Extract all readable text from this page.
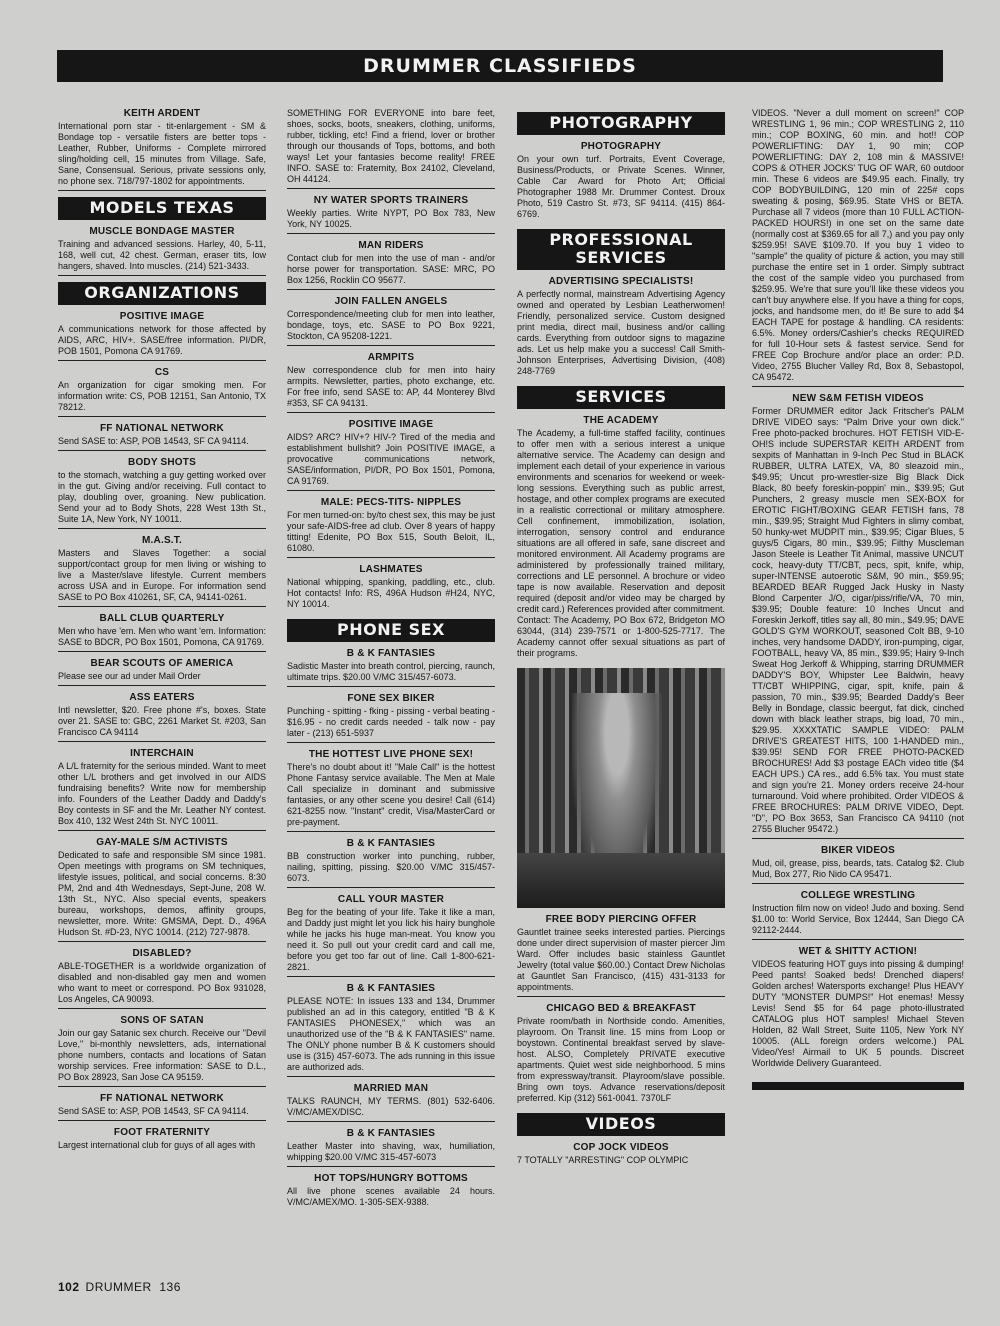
DRUMMER CLASSIFIEDS
KEITH ARDENT

International porn star - tit-enlargement - SM & Bondage top - versatile fisters are better tops - Leather, Rubber, Uniforms - Complete mirrored sling/holding cell, 15 minutes from Village. Safe, Sane, Consensual. Serious, private sessions only, no phone sex. 718/797-1802 for appointments.

MODELS TEXAS
MUSCLE BONDAGE MASTER

Training and advanced sessions. Harley, 40, 5-11, 168, well cut, 42 chest. German, eraser tits, low hangers, shaved. Into muscles. (214) 521-3433.

ORGANIZATIONS
POSITIVE IMAGE

A communications network for those affected by AIDS, ARC, HIV+. SASE/free information. PI/DR, POB 1501, Pomona CA 91769.

CS

An organization for cigar smoking men. For information write: CS, POB 12151, San Antonio, TX 78212.

FF NATIONAL NETWORK

Send SASE to: ASP, POB 14543, SF CA 94114.

BODY SHOTS

to the stomach, watching a guy getting worked over in the gut. Giving and/or receiving. Full contact to play, doubling over, groaning. New publication. Send your ad to Body Shots, 228 West 13th St., Suite 1A, New York, NY 10011.

M.A.S.T.

Masters and Slaves Together: a social support/contact group for men living or wishing to live a Master/slave lifestyle. Current members across USA and in Europe. For information send SASE to PO Box 410261, SF, CA, 94141-0261.

BALL CLUB QUARTERLY

Men who have 'em. Men who want 'em. Information: SASE to BDCR, PO Box 1501, Pomona, CA 91769.

BEAR SCOUTS OF AMERICA

Please see our ad under Mail Order

ASS EATERS

Intl newsletter, $20. Free phone #'s, boxes. State over 21. SASE to: GBC, 2261 Market St. #203, San Francisco CA 94114

INTERCHAIN

A L/L fraternity for the serious minded. Want to meet other L/L brothers and get involved in our AIDS fundraising benefits? Write now for membership info. Founders of the Leather Daddy and Daddy's Boy contests in SF and the Mr. Leather NY contest. Box 410, 132 West 24th St. NYC 10011.

GAY-MALE S/M ACTIVISTS

Dedicated to safe and responsible SM since 1981. Open meetings with programs on SM techniques, lifestyle issues, political, and social concerns. 8:30 PM, 2nd and 4th Wednesdays, Sept-June, 208 W. 13th St., NYC. Also special events, speakers bureau, workshops, demos, affinity groups, newsletter, more. Write: GMSMA, Dept. D., 496A Hudson St. #D-23, NYC 10014. (212) 727-9878.

DISABLED?

ABLE-TOGETHER is a worldwide organization of disabled and non-disabled gay men and women who want to meet or correspond. PO Box 931028, Los Angeles, CA 90093.

SONS OF SATAN

Join our gay Satanic sex church. Receive our "Devil Love," bi-monthly newsletters, ads, international phone numbers, contacts and locations of Satan worship services. Free information: SASE to D.L., PO Box 28923, San Jose CA 95159.

FF NATIONAL NETWORK

Send SASE to: ASP, POB 14543, SF CA 94114.

FOOT FRATERNITY

Largest international club for guys of all ages with

SOMETHING FOR EVERYONE into bare feet, shoes, socks, boots, sneakers, clothing, uniforms, rubber, tickling, etc! Find a friend, lover or brother through our thousands of Tops, bottoms, and both ways! Let your fantasies become reality! FREE INFO. SASE to: Fraternity, Box 24102, Cleveland, OH 44124.

NY WATER SPORTS TRAINERS

Weekly parties. Write NYPT, PO Box 783, New York, NY 10025.

MAN RIDERS

Contact club for men into the use of man - and/or horse power for transportation. SASE: MRC, PO Box 1256, Rocklin CO 95677.

JOIN FALLEN ANGELS

Correspondence/meeting club for men into leather, bondage, toys, etc. SASE to PO Box 9221, Stockton, CA 95208-1221.

ARMPITS

New correspondence club for men into hairy armpits. Newsletter, parties, photo exchange, etc. For free info, send SASE to: AP, 44 Monterey Blvd #353, SF CA 94131.

POSITIVE IMAGE

AIDS? ARC? HIV+? HIV-? Tired of the media and establishment bullshit? Join POSITIVE IMAGE, a provocative communications network, SASE/information, PI/DR, PO Box 1501, Pomona, CA 91769.

MALE: PECS-TITS- NIPPLES

For men turned-on: by/to chest sex, this may be just your safe-AIDS-free ad club. Over 8 years of happy titting! Edenite, PO Box 515, South Beloit, IL, 61080.

LASHMATES

National whipping, spanking, paddling, etc., club. Hot contacts! Info: RS, 496A Hudson #H24, NYC, NY 10014.

PHONE SEX
B & K FANTASIES

Sadistic Master into breath control, piercing, raunch, ultimate trips. $20.00 V/MC 315/457-6073.

FONE SEX BIKER

Punching - spitting - fking - pissing - verbal beating - $16.95 - no credit cards needed - talk now - pay later - (213) 651-5937

THE HOTTEST LIVE PHONE SEX!

There's no doubt about it! "Male Call" is the hottest Phone Fantasy service available. The Men at Male Call specialize in dominant and submissive fantasies, or any other scene you desire! Call (614) 621-8255 now. "Instant" credit, Visa/MasterCard or pre-payment.

B & K FANTASIES

BB construction worker into punching, rubber, nailing, spitting, pissing. $20.00 V/MC 315/457-6073.

CALL YOUR MASTER

Beg for the beating of your life. Take it like a man, and Daddy just might let you lick his hairy bunghole while he jacks his huge man-meat. You know you need it. So pull out your credit card and call me, before you get too far out of line. Call 1-800-621-2821.

B & K FANTASIES

PLEASE NOTE: In issues 133 and 134, Drummer published an ad in this category, entitled "B & K FANTASIES PHONESEX," which was an unauthorized use of the "B & K FANTASIES" name. The ONLY phone number B & K customers should use is (315) 457-6073. The ads running in this issue are authorized ads.

MARRIED MAN

TALKS RAUNCH, MY TERMS. (801) 532-6406. V/MC/AMEX/DISC.

B & K FANTASIES

Leather Master into shaving, wax, humiliation, whipping $20.00 V/MC 315-457-6073

HOT TOPS/HUNGRY BOTTOMS

All live phone scenes available 24 hours. V/MC/AMEX/MO. 1-305-SEX-9388.

PHOTOGRAPHY
PHOTOGRAPHY

On your own turf. Portraits, Event Coverage, Business/Products, or Private Scenes. Winner, Cable Car Award for Photo Art; Official Photographer 1988 Mr. Drummer Contest. Droux Photo, 519 Castro St. #73, SF 94114. (415) 864-6769.

PROFESSIONAL SERVICES
ADVERTISING SPECIALISTS!

A perfectly normal, mainstream Advertising Agency owned and operated by Lesbian Leatherwomen! Friendly, personalized service. Custom designed print media, direct mail, business and/or calling cards. Everything from outdoor signs to magazine ads. Let us help make you a success! Call Smith-Johnson Enterprises, Advertising Division, (408) 248-7769

SERVICES
THE ACADEMY

The Academy, a full-time staffed facility, continues to offer men with a serious interest a unique alternative service. The Academy can design and implement each detail of your experience in various environments and scenarios for weekend or week-long sessions. Everything such as public arrest, hostage, and other complex programs are executed in a realistic correctional or military atmosphere. Cell confinement, immobilization, isolation, interrogation, sensory control and endurance situations are all offered in safe, sane discreet and monitored environment. All Academy programs are administered by professionally trained military, corrections and LE personnel. A brochure or video tape is now available. Reservation and deposit required (deposit and/or video may be charged by credit card.) References provided after commitment. Contact: The Academy, PO Box 672, Bridgeton MO 63044, (314) 239-7571 or 1-800-525-7717. The Academy cannot offer sexual situations as part of their programs.

FREE BODY PIERCING OFFER

Gauntlet trainee seeks interested parties. Piercings done under direct supervision of master piercer Jim Ward. Offer includes basic stainless Gauntlet Jewelry (total value $60.00.) Contact Drew Nicholas at Gauntlet San Francisco, (415) 431-3133 for appointments.

CHICAGO BED & BREAKFAST

Private room/bath in Northside condo. Amenities, playroom. On Transit line. 15 mins from Loop or boystown. Continental breakfast served by slave-host. ALSO, Completely PRIVATE executive apartments. Quiet west side neighborhood. 5 mins from expressway/transit. Playroom/slave possible. Bring own toys. Advance reservations/deposit preferred. Kip (312) 561-0041. 7370LF

VIDEOS
COP JOCK VIDEOS

7 TOTALLY "ARRESTING" COP OLYMPIC

VIDEOS. "Never a dull moment on screen!" COP WRESTLING 1, 96 min.; COP WRESTLING 2, 110 min.; COP BOXING, 60 min. and hot!! COP POWERLIFTING: DAY 1, 90 min; COP POWERLIFTING: DAY 2, 108 min & MASSIVE! COPS & OTHER JOCKS' TUG OF WAR, 60 outdoor min. These 6 videos are $49.95 each. Finally, try COP BODYBUILDING, 120 min of 225# cops sweating & posing, $69.95. State VHS or BETA. Purchase all 7 videos (more than 10 FULL ACTION- PACKED HOURS!) in one set on the same date (normally cost at $369.65 for all 7,) and you pay only $259.95! SAVE $109.70. If you buy 1 video to "sample" the quality of picture & action, you may still purchase the entire set in 1 order. Simply subtract the cost of the sample video you purchased from $259.95. We're that sure you'll like these videos you can't buy anywhere else. If you have a thing for cops, jocks, and handsome men, do it! Be sure to add $4 EACH TAPE for postage & handling. CA residents: 6.5%. Money orders/Cashier's checks REQUIRED for full 10-Hour sets & fastest service. Send for FREE Cop Brochure and/or place an order: P.D. Video, 2755 Blucher Valley Rd, Box 8, Sebastopol, CA 95472.

NEW S&M FETISH VIDEOS

Former DRUMMER editor Jack Fritscher's PALM DRIVE VIDEO says: "Palm Drive your own dick." Free photo-packed brochures. HOT FETISH VID-E-OH!S include SUPERSTAR KEITH ARDENT from sexpits of Manhattan in 9-Inch Pec Stud in BLACK RUBBER, ULTRA LATEX, VA, 80 sleazoid min., $49.95; Uncut pro-wrestler-size Big Black Dick Black, 80 beefy foreskin-poppin' min., $39.95; Gut Punchers, 2 greasy muscle men SEX-BOX for EROTIC FIGHT/BOXING GEAR FETISH fans, 78 min., $39.95; Straight Mud Fighters in slimy combat, 50 hunky-wet MUDPIT min., $39.95; Cigar Blues, 5 guys/5 Cigars, 80 min., $39.95; Filthy Muscleman Jason Steele is Leather Tit Animal, massive UNCUT cock, heavy-duty TT/CBT, pecs, spit, knife, whip, super-INTENSE autoerotic S&M, 90 min., $59.95; BEARDED BEAR Rugged Jack Husky in Nasty Blond Carpenter J/O, cigar/piss/rifle/VA, 70 min, $39.95; Double feature: 10 Inches Uncut and Foreskin Jerkoff, titles say all, 80 min., $49.95; DAVE GOLD'S GYM WORKOUT, seasoned Colt BB, 9-10 inches, very handsome DADDY, iron-pumping, cigar, FOOTBALL, heavy VA, 85 min., $39.95; Hairy 9-Inch Sweat Hog Jerkoff & Whipping, starring DRUMMER DADDY'S BOY, Whipster Lee Baldwin, heavy TT/CBT WHIPPING, cigar, spit, knife, pain & passion, 70 min., $39.95; Bearded Daddy's Beer Belly in Bondage, classic beergut, fat dick, cinched down with black leather straps, big load, 70 min., $29.95. XXXXTATIC SAMPLE VIDEO: PALM DRIVE'S GREATEST HITS, 100 1-HANDED min., $39.95! SEND FOR FREE PHOTO-PACKED BROCHURES! Add $3 postage EACh video title ($4 EACH UPS.) CA res., add 6.5% tax. You must state and sign you're 21. Money orders receive 24-hour turnaround. Void where prohibited. Order VIDEOS & FREE BROCHURES: PALM DRIVE VIDEO, Dept. "D", PO Box 3653, San Francisco CA 94110 (not 2755 Blucher 95472.)

BIKER VIDEOS

Mud, oil, grease, piss, beards, tats. Catalog $2. Club Mud, Box 277, Rio Nido CA 95471.

COLLEGE WRESTLING

Instruction film now on video! Judo and boxing. Send $1.00 to: World Service, Box 12444, San Diego CA 92112-2444.

WET & SHITTY ACTION!

VIDEOS featuring HOT guys into pissing & dumping! Peed pants! Soaked beds! Drenched diapers! Golden arches! Watersports exchange! Plus HEAVY DUTY "MONSTER DUMPS!" Hot enemas! Messy Levis! Send $5 for 64 page photo-illustrated CATALOG plus HOT samples! Michael Steven Holden, 82 Wall Street, Suite 1105, New York NY 10005. (ALL foreign orders welcome.) PAL Video/Yes! Airmail to UK 5 pounds. Discreet Worldwide Delivery Guaranteed.

102 DRUMMER 136
